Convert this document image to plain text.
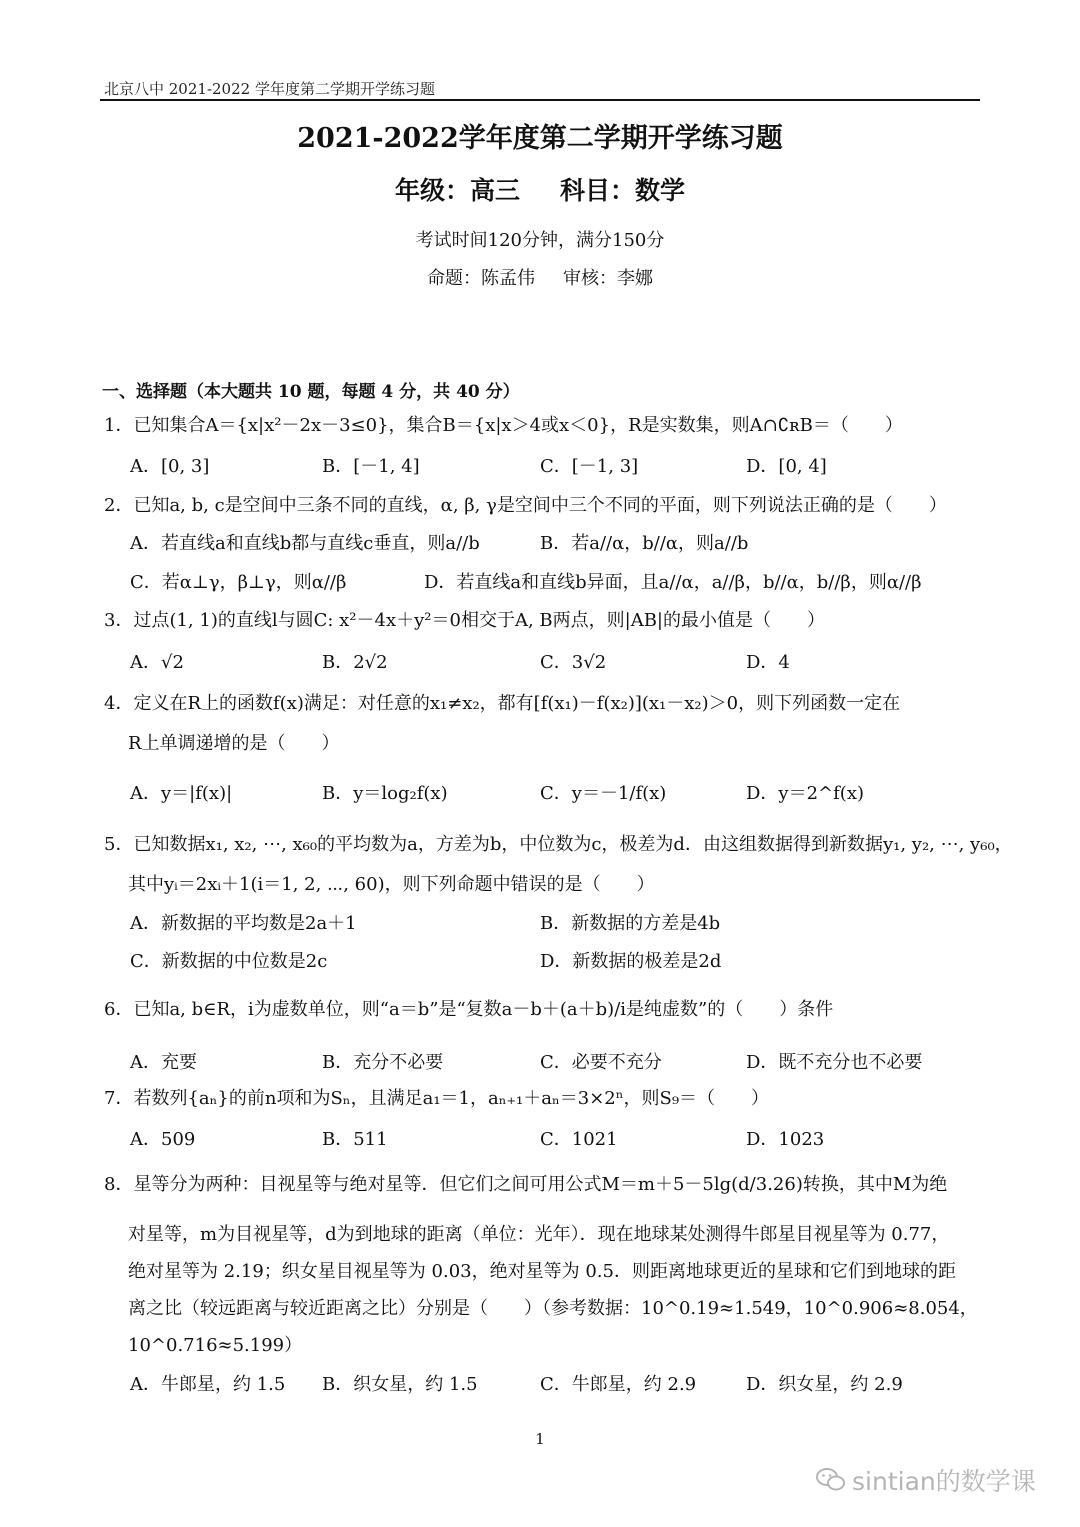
北京八中 2021-2022 学年度第二学期开学练习题
2021-2022学年度第二学期开学练习题
年级：高三 科目：数学
考试时间120分钟，满分150分
命题：陈孟伟 审核：李娜
一、选择题（本大题共 10 题，每题 4 分，共 40 分）
1．已知集合A＝{x|x²－2x－3≤0}，集合B＝{x|x＞4或x＜0}，R是实数集，则A∩∁ʀB＝（　　）
A．[0, 3]	B．[－1, 4]	C．[－1, 3]	D．[0, 4]
2．已知a, b, c是空间中三条不同的直线，α, β, γ是空间中三个不同的平面，则下列说法正确的是（　　）
A．若直线a和直线b都与直线c垂直，则a//b	B．若a//α，b//α，则a//b
C．若α⊥γ，β⊥γ，则α//β	D．若直线a和直线b异面，且a//α，a//β，b//α，b//β，则α//β
3．过点(1, 1)的直线l与圆C: x²－4x＋y²＝0相交于A, B两点，则|AB|的最小值是（　　）
A．√2	B．2√2	C．3√2	D．4
4．定义在R上的函数f(x)满足：对任意的x₁≠x₂，都有[f(x₁)－f(x₂)](x₁－x₂)＞0，则下列函数一定在
R上单调递增的是（　　）
A．y＝|f(x)|	B．y＝log₂f(x)	C．y＝－1/f(x)	D．y＝2^f(x)
5．已知数据x₁, x₂, ⋯, x₆₀的平均数为a，方差为b，中位数为c，极差为d．由这组数据得到新数据y₁, y₂, ⋯, y₆₀，
其中yᵢ＝2xᵢ＋1(i＝1, 2, ⋯, 60)，则下列命题中错误的是（　　）
A．新数据的平均数是2a＋1	B．新数据的方差是4b
C．新数据的中位数是2c	D．新数据的极差是2d
6．已知a, b∈R，i为虚数单位，则“a＝b”是“复数a－b＋(a＋b)/i是纯虚数”的（　　）条件
A．充要	B．充分不必要	C．必要不充分	D．既不充分也不必要
7．若数列{aₙ}的前n项和为Sₙ，且满足a₁＝1，aₙ₊₁＋aₙ＝3×2ⁿ，则S₉＝（　　）
A．509	B．511	C．1021	D．1023
8．星等分为两种：目视星等与绝对星等．但它们之间可用公式M＝m＋5－5lg(d/3.26)转换，其中M为绝
对星等，m为目视星等，d为到地球的距离（单位：光年）．现在地球某处测得牛郎星目视星等为 0.77，
绝对星等为 2.19；织女星目视星等为 0.03，绝对星等为 0.5．则距离地球更近的星球和它们到地球的距
离之比（较远距离与较近距离之比）分别是（　　）（参考数据：10^0.19≈1.549，10^0.906≈8.054，
10^0.716≈5.199）
A．牛郎星，约 1.5 B．织女星，约 1.5	C．牛郎星，约 2.9	D．织女星，约 2.9
1
sintian的数学课
